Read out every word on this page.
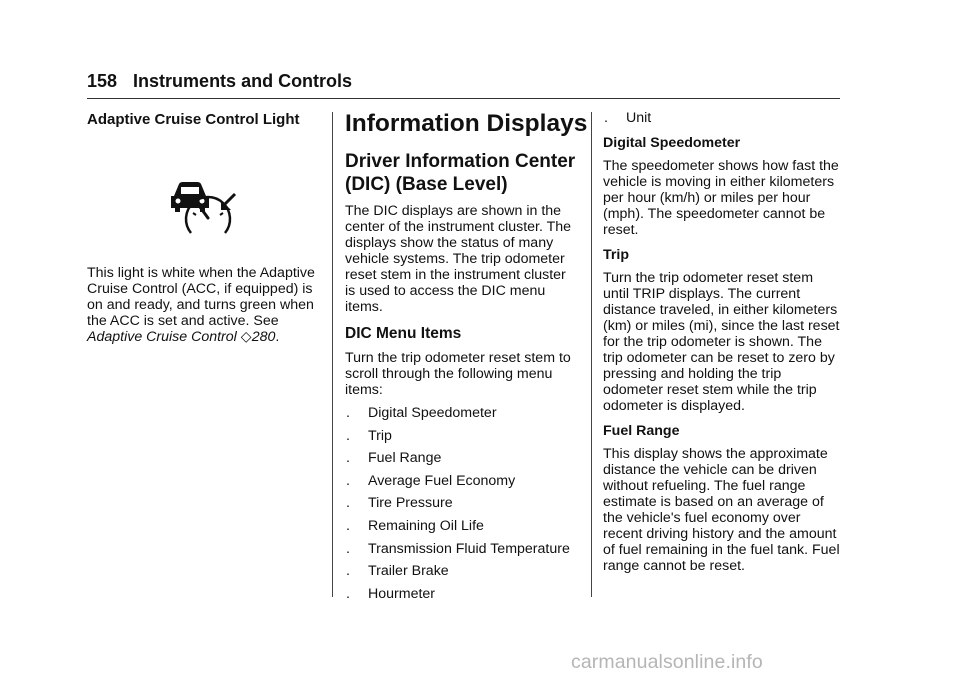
158 Instruments and Controls
Adaptive Cruise Control Light

This light is white when the Adaptive Cruise Control (ACC, if equipped) is on and ready, and turns green when the ACC is set and active. See Adaptive Cruise Control ◇280.

Information Displays
Driver Information Center (DIC) (Base Level)

The DIC displays are shown in the center of the instrument cluster. The displays show the status of many vehicle systems. The trip odometer reset stem in the instrument cluster is used to access the DIC menu items.

DIC Menu Items

Turn the trip odometer reset stem to scroll through the following menu items:

.	Digital Speedometer
.	Trip
.	Fuel Range
.	Average Fuel Economy
.	Tire Pressure
.	Remaining Oil Life
.	Transmission Fluid Temperature
.	Trailer Brake
.	Hourmeter
.	Unit
Digital Speedometer

The speedometer shows how fast the vehicle is moving in either kilometers per hour (km/h) or miles per hour (mph). The speedometer cannot be reset.

Trip

Turn the trip odometer reset stem until TRIP displays. The current distance traveled, in either kilometers (km) or miles (mi), since the last reset for the trip odometer is shown. The trip odometer can be reset to zero by pressing and holding the trip odometer reset stem while the trip odometer is displayed.

Fuel Range

This display shows the approximate distance the vehicle can be driven without refueling. The fuel range estimate is based on an average of the vehicle's fuel economy over recent driving history and the amount of fuel remaining in the fuel tank. Fuel range cannot be reset.

carmanualsonline.info
